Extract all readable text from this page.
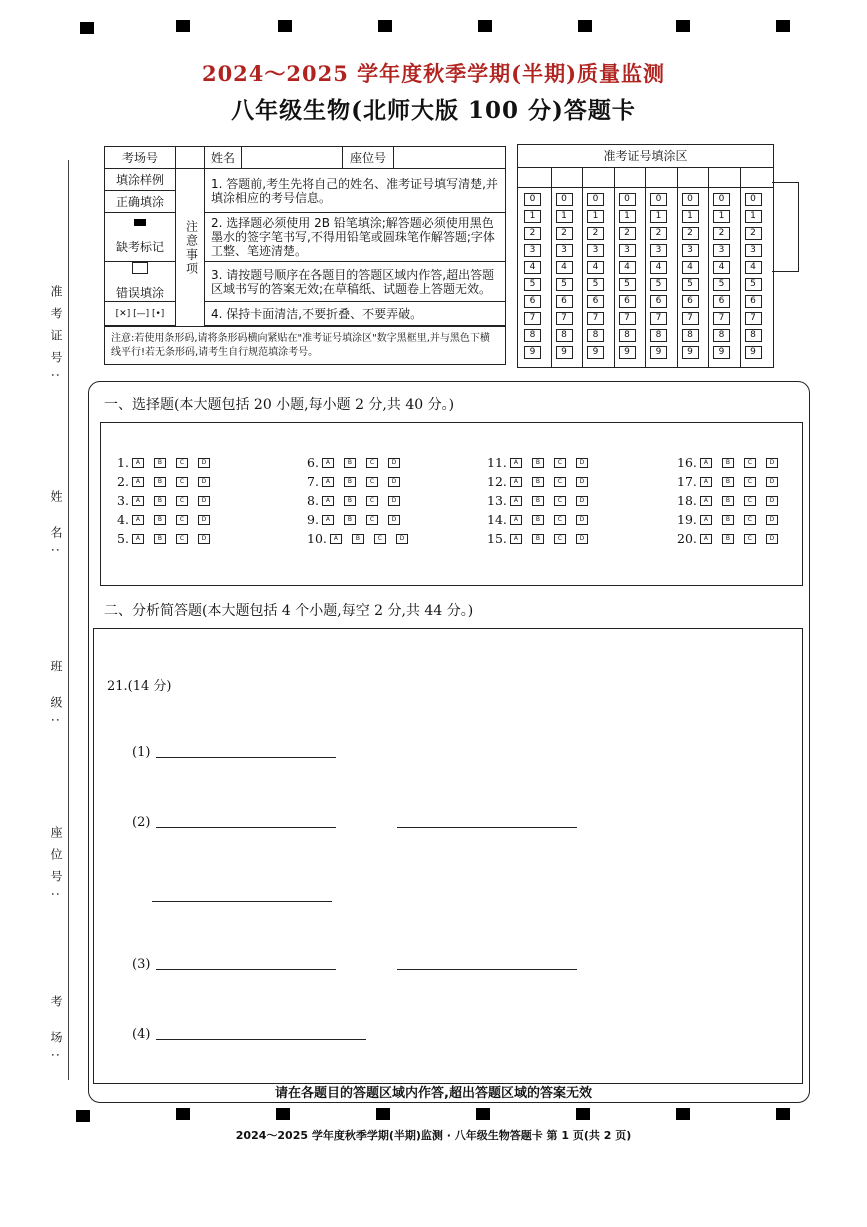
2024～2025 学年度秋季学期(半期)质量监测
八年级生物(北师大版 100 分)答题卡
考场号		姓名		座位号	
填涂样例	注意事项	1. 答题前,考生先将自己的姓名、准考证号填写清楚,并填涂相应的考号信息。			
正确填涂					

缺考标记		2. 选择题必须使用 2B 铅笔填涂;解答题必须使用黑色墨水的签字笔书写,不得用铅笔或圆珠笔作解答题;字体工整、笔迹清楚。			

错误填涂		3. 请按题号顺序在各题目的答题区域内作答,超出答题区域书写的答案无效;在草稿纸、试题卷上答题无效。			
[✕] [—] [•]		4. 保持卡面清洁,不要折叠、不要弄破。			

注意:若使用条形码,请将条形码横向紧贴在"准考证号填涂区"数字黑框里,并与黑色下横线平行!若无条形码,请考生自行规范填涂考号。					
准考证号填涂区
0	0	0	0	0	0	0	0
1	1	1	1	1	1	1	1
2	2	2	2	2	2	2	2
3	3	3	3	3	3	3	3
4	4	4	4	4	4	4	4
5	5	5	5	5	5	5	5
6	6	6	6	6	6	6	6
7	7	7	7	7	7	7	7
8	8	8	8	8	8	8	8
9	9	9	9	9	9	9	9
准考证号:
姓 名:
班 级:
座位号:
考 场:
一、选择题(本大题包括 20 小题,每小题 2 分,共 40 分。)
1.	A	B	C	D
2.	A	B	C	D
3.	A	B	C	D
4.	A	B	C	D
5.	A	B	C	D
6.	A	B	C	D
7.	A	B	C	D
8.	A	B	C	D
9.	A	B	C	D
10.	A	B	C	D
11.	A	B	C	D
12.	A	B	C	D
13.	A	B	C	D
14.	A	B	C	D
15.	A	B	C	D
16.	A	B	C	D
17.	A	B	C	D
18.	A	B	C	D
19.	A	B	C	D
20.	A	B	C	D
二、分析简答题(本大题包括 4 个小题,每空 2 分,共 44 分。)
21.(14 分)
(1)
(2)
(3)
(4)
请在各题目的答题区域内作答,超出答题区域的答案无效
2024～2025 学年度秋季学期(半期)监测 · 八年级生物答题卡 第 1 页(共 2 页)
